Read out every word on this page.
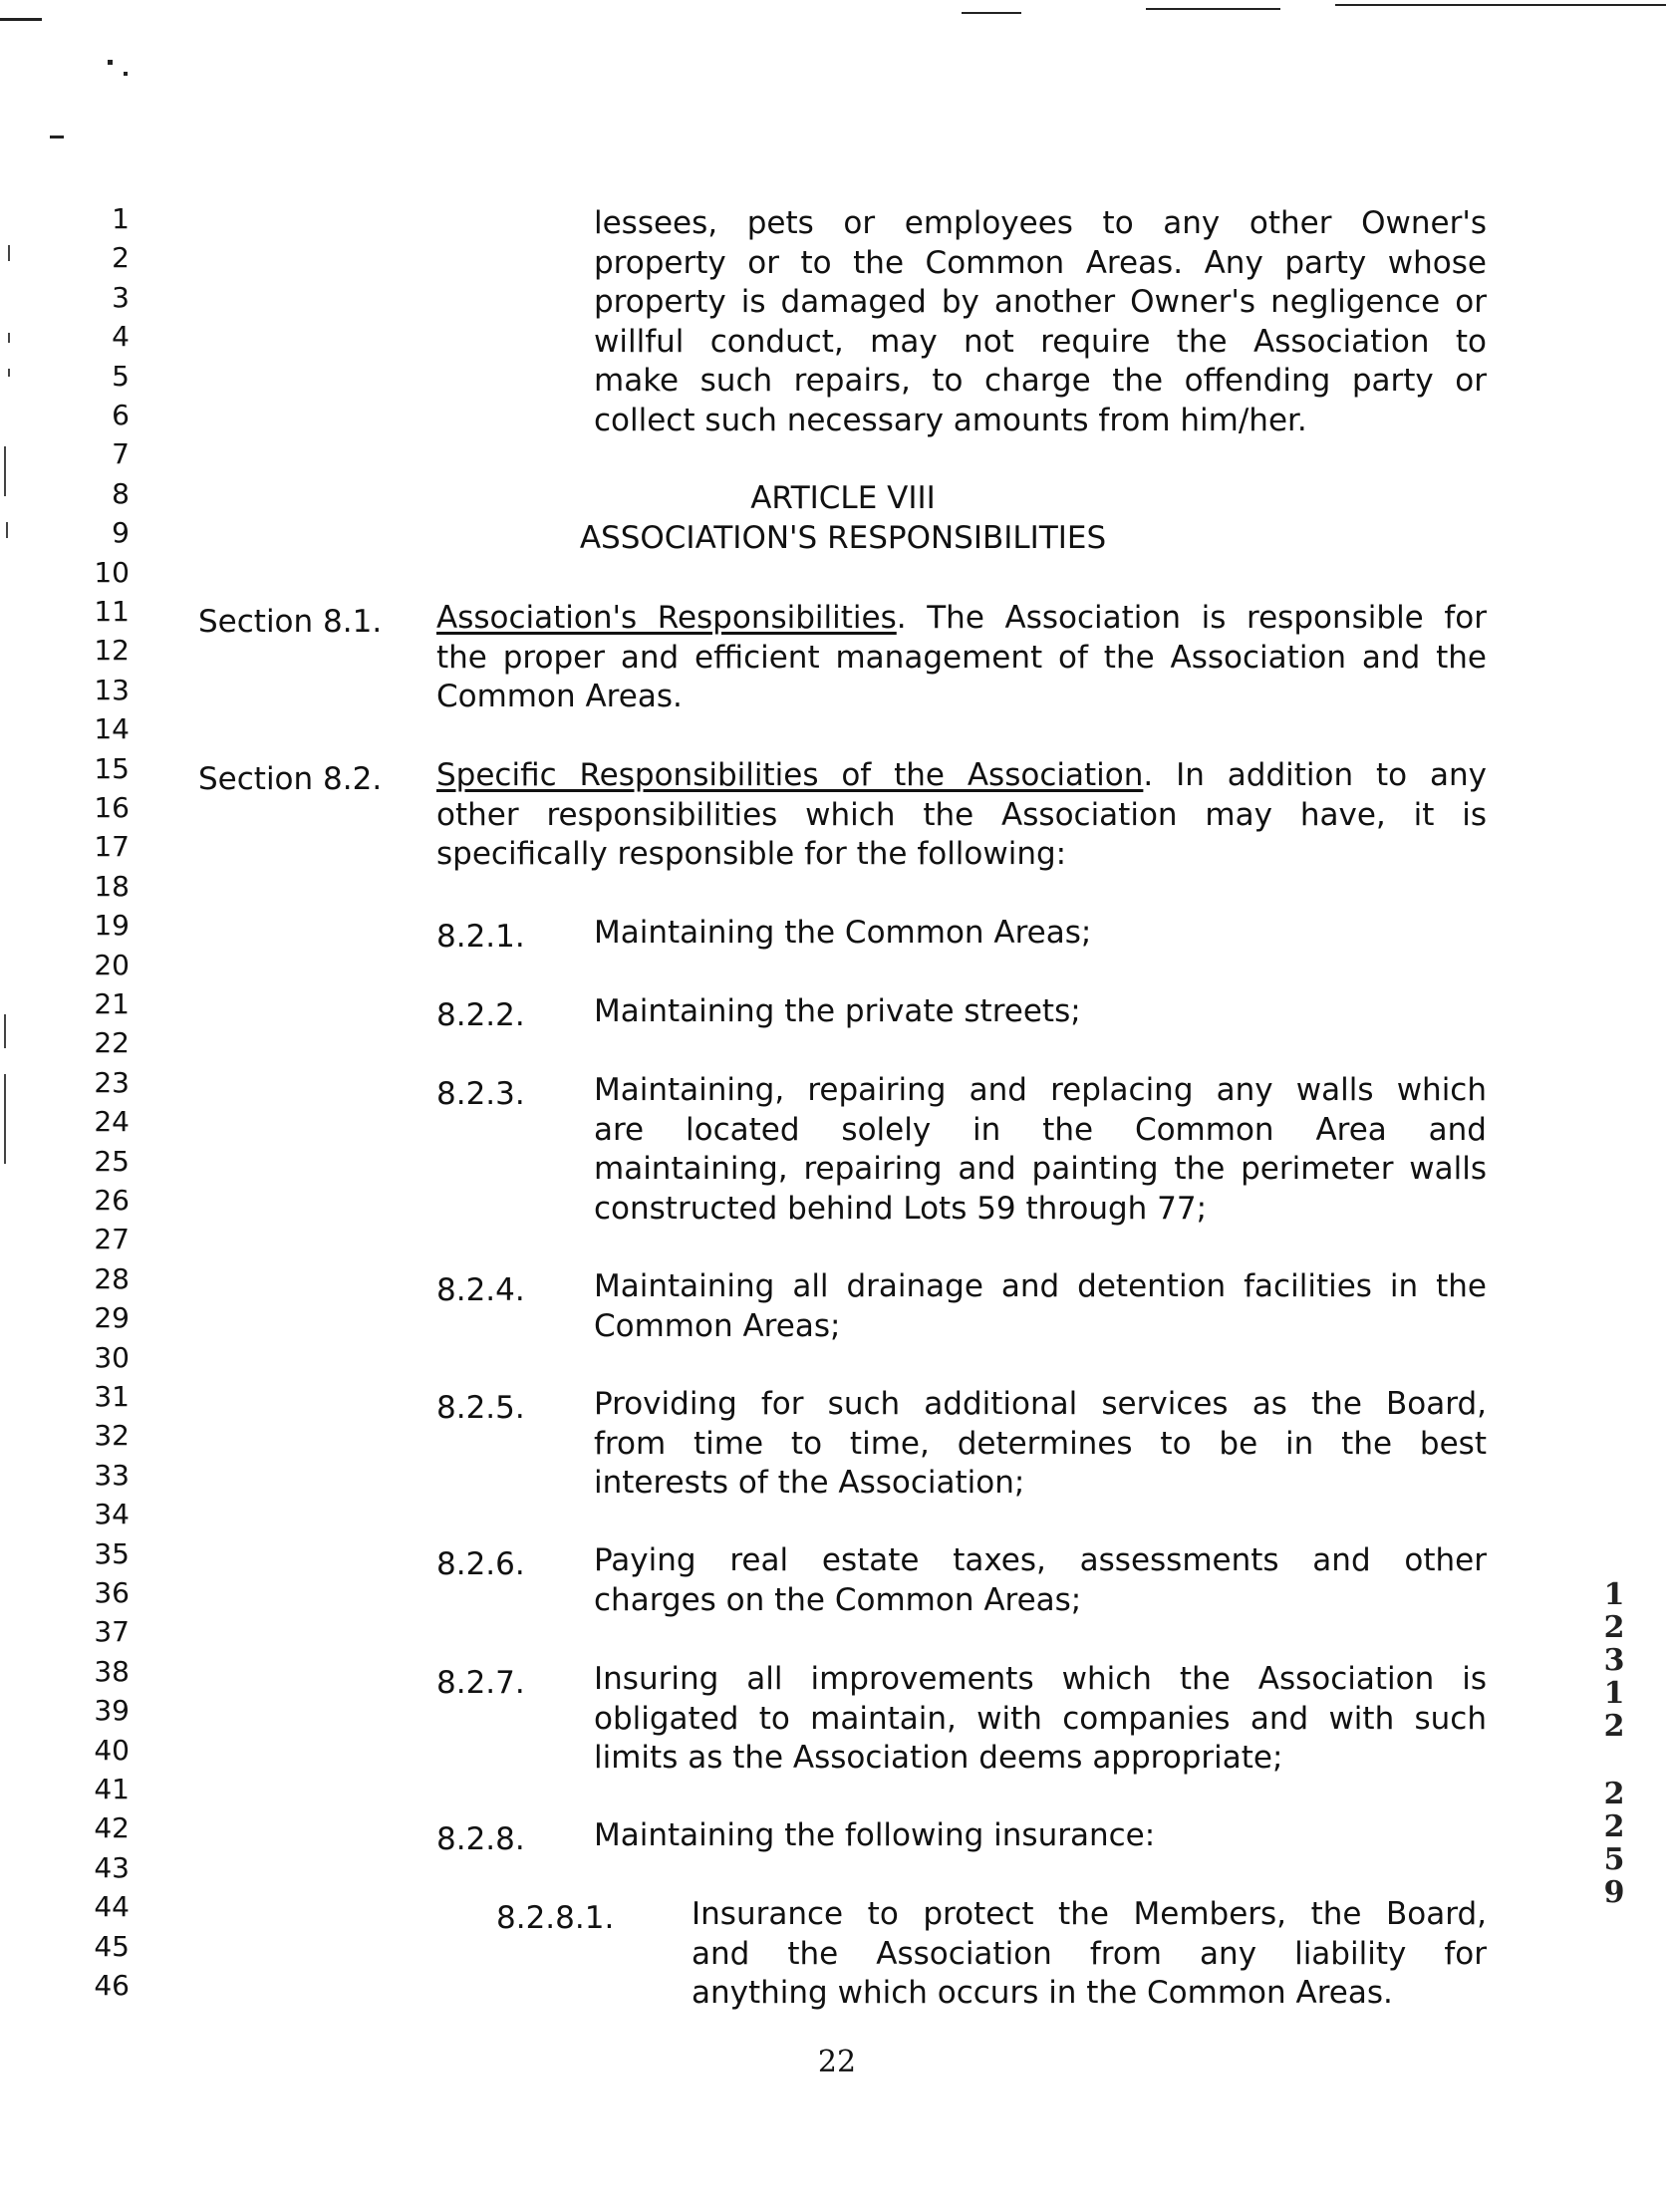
1
2
3
4
5
6
7
8
9
10
11
12
13
14
15
16
17
18
19
20
21
22
23
24
25
26
27
28
29
30
31
32
33
34
35
36
37
38
39
40
41
42
43
44
45
46
lessees, pets or employees to any other Owner's
property or to the Common Areas. Any party whose
property is damaged by another Owner's negligence or
willful conduct, may not require the Association to
make such repairs, to charge the offending party or
collect such necessary amounts from him/her.
ARTICLE VIII
ASSOCIATION'S RESPONSIBILITIES
Section 8.1. Association's Responsibilities. The Association is responsible for
the proper and efficient management of the Association and the
Common Areas.
Section 8.2. Specific Responsibilities of the Association. In addition to any
other responsibilities which the Association may have, it is
specifically responsible for the following:
8.2.1. Maintaining the Common Areas;
8.2.2. Maintaining the private streets;
8.2.3. Maintaining, repairing and replacing any walls which
are located solely in the Common Area and
maintaining, repairing and painting the perimeter walls
constructed behind Lots 59 through 77;
8.2.4. Maintaining all drainage and detention facilities in the
Common Areas;
8.2.5. Providing for such additional services as the Board,
from time to time, determines to be in the best
interests of the Association;
8.2.6. Paying real estate taxes, assessments and other
charges on the Common Areas;
8.2.7. Insuring all improvements which the Association is
obligated to maintain, with companies and with such
limits as the Association deems appropriate;
8.2.8. Maintaining the following insurance:
8.2.8.1.	Insurance to protect the Members, the Board,
and the Association from any liability for
anything which occurs in the Common Areas.
22
1
2
3
1
2
2
2
5
9
